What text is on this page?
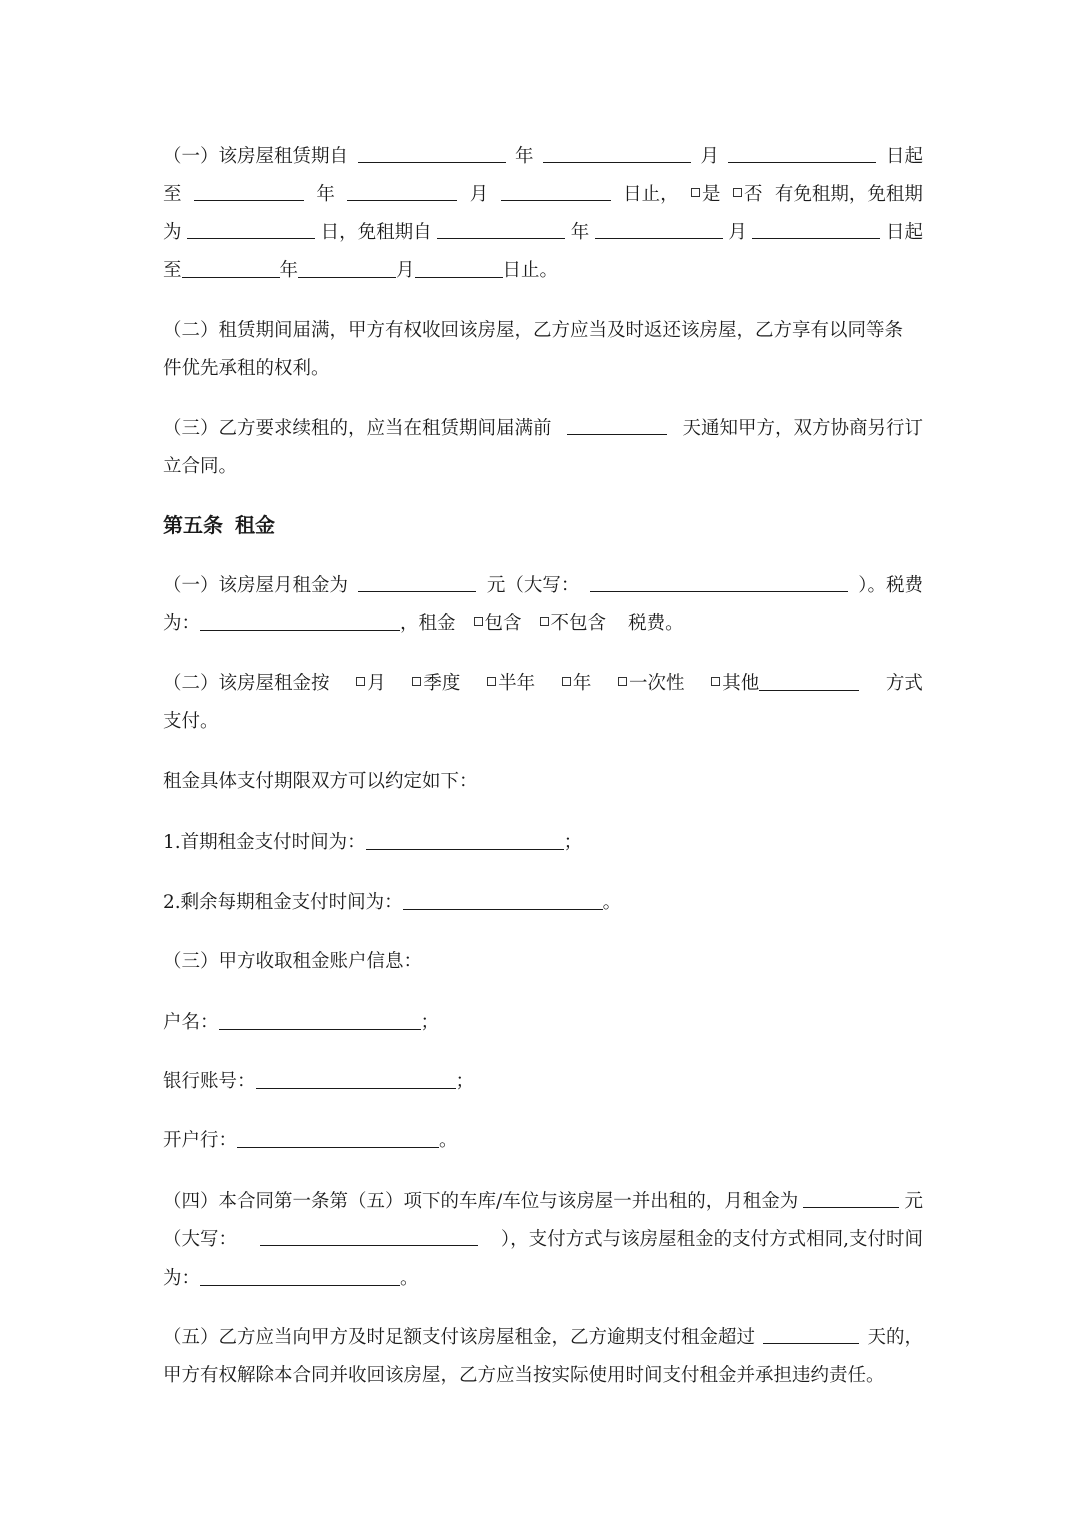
（一）该房屋租赁期自	年	月	日起
至	年	月	日止，	是	否 有免租期，免租期
为	日，免租期自	年	月	日起
至	年	月	日止。
（二）租赁期间届满，甲方有权收回该房屋，乙方应当及时返还该房屋，乙方享有以同等条
件优先承租的权利。
（三）乙方要求续租的，应当在租赁期间届满前	天通知甲方，双方协商另行订
立合同。
第五条 租金
（一）该房屋月租金为	元（大写：	）。税费
为：	，租金 包含 不包含 税费。
（二）该房屋租金按	月	季度	半年	年	一次性	其他	方式
支付。
租金具体支付期限双方可以约定如下：
1.首期租金支付时间为：	；
2.剩余每期租金支付时间为：	。
（三）甲方收取租金账户信息：
户名：	；
银行账号：	；
开户行：	。
（四）本合同第一条第（五）项下的车库/车位与该房屋一并出租的，月租金为	元
（大写：	），支付方式与该房屋租金的支付方式相同,支付时间
为：	。
（五）乙方应当向甲方及时足额支付该房屋租金，乙方逾期支付租金超过	天的，
甲方有权解除本合同并收回该房屋，乙方应当按实际使用时间支付租金并承担违约责任。
